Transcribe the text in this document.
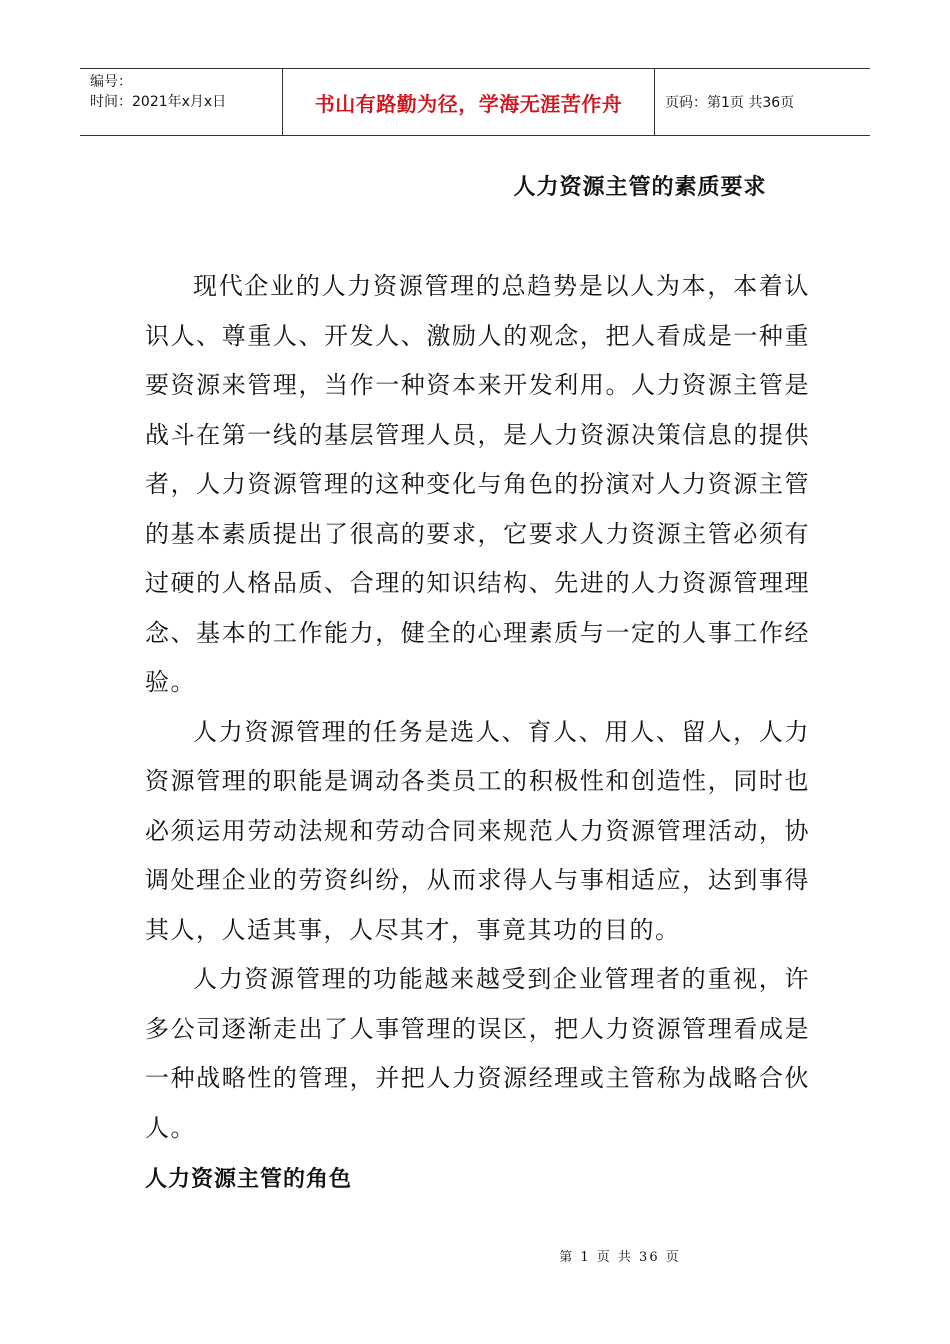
编号：
时间：2021年x月x日	书山有路勤为径，学海无涯苦作舟	页码：第1页 共36页
人力资源主管的素质要求

现代企业的人力资源管理的总趋势是以人为本，本着认识人、尊重人、开发人、激励人的观念，把人看成是一种重要资源来管理，当作一种资本来开发利用。人力资源主管是战斗在第一线的基层管理人员，是人力资源决策信息的提供者，人力资源管理的这种变化与角色的扮演对人力资源主管的基本素质提出了很高的要求，它要求人力资源主管必须有过硬的人格品质、合理的知识结构、先进的人力资源管理理念、基本的工作能力，健全的心理素质与一定的人事工作经验。

人力资源管理的任务是选人、育人、用人、留人，人力资源管理的职能是调动各类员工的积极性和创造性，同时也必须运用劳动法规和劳动合同来规范人力资源管理活动，协调处理企业的劳资纠纷，从而求得人与事相适应，达到事得其人，人适其事，人尽其才，事竟其功的目的。

人力资源管理的功能越来越受到企业管理者的重视，许多公司逐渐走出了人事管理的误区，把人力资源管理看成是一种战略性的管理，并把人力资源经理或主管称为战略合伙人。

人力资源主管的角色
第 1 页 共 36 页
